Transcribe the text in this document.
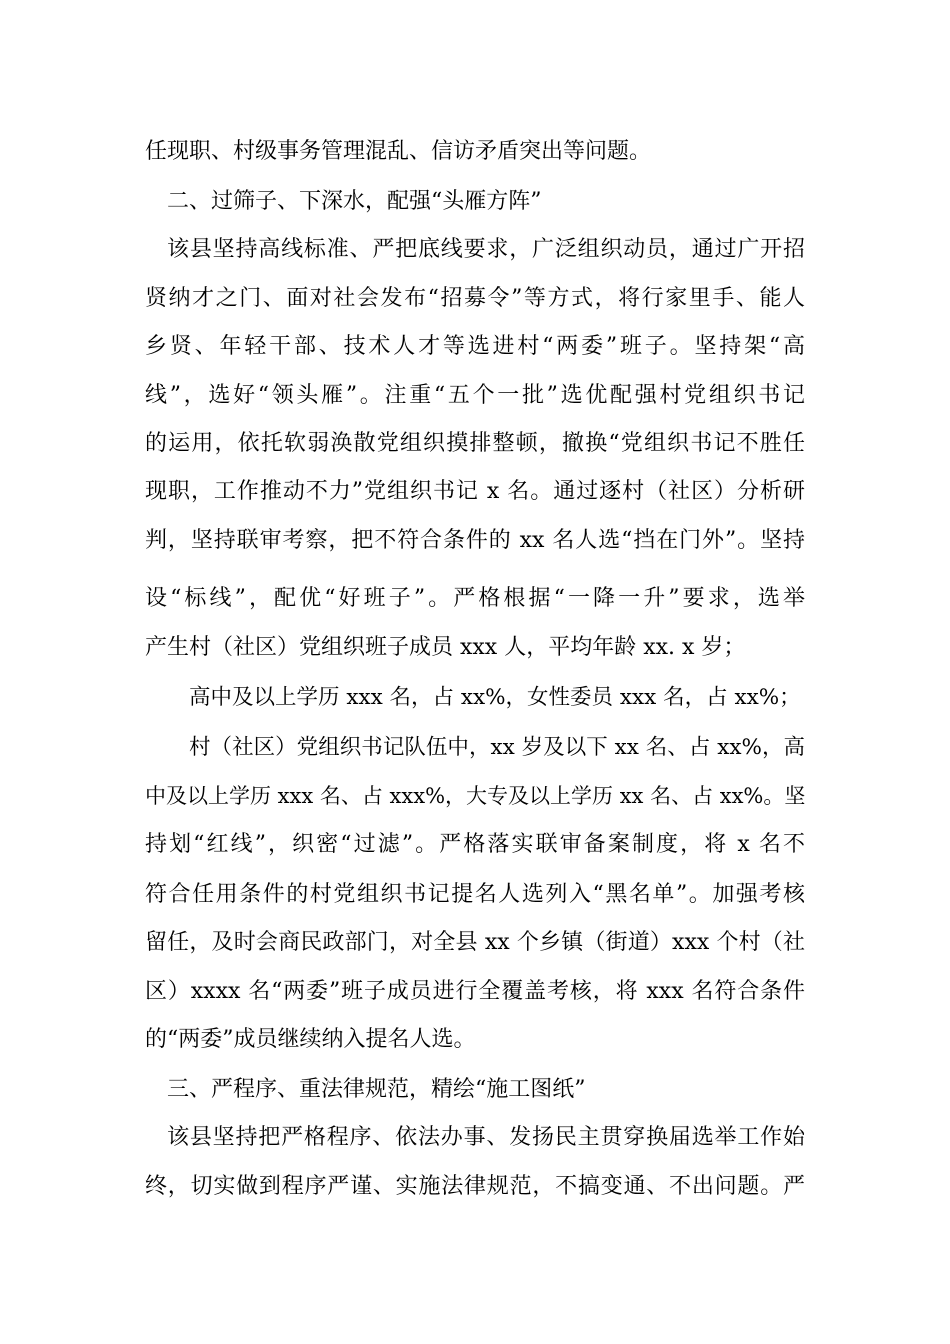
任现职、村级事务管理混乱、信访矛盾突出等问题。
二、过筛子、下深水，配强“头雁方阵”
该县坚持高线标准、严把底线要求，广泛组织动员，通过广开招
贤纳才之门、面对社会发布“招募令”等方式，将行家里手、能人
乡贤、年轻干部、技术人才等选进村“两委”班子。坚持架“高
线”，选好“领头雁”。注重“五个一批”选优配强村党组织书记
的运用，依托软弱涣散党组织摸排整顿，撤换“党组织书记不胜任
现职，工作推动不力”党组织书记 x 名。通过逐村（社区）分析研
判，坚持联审考察，把不符合条件的 xx 名人选“挡在门外”。坚持
设“标线”，配优“好班子”。严格根据“一降一升”要求，选举
产生村（社区）党组织班子成员 xxx 人，平均年龄 xx. x 岁；
高中及以上学历 xxx 名，占 xx%，女性委员 xxx 名，占 xx%；
村（社区）党组织书记队伍中，xx 岁及以下 xx 名、占 xx%，高
中及以上学历 xxx 名、占 xxx%，大专及以上学历 xx 名、占 xx%。坚
持划“红线”，织密“过滤”。严格落实联审备案制度，将 x 名不
符合任用条件的村党组织书记提名人选列入“黑名单”。加强考核
留任，及时会商民政部门，对全县 xx 个乡镇（街道）xxx 个村（社
区）xxxx 名“两委”班子成员进行全覆盖考核，将 xxx 名符合条件
的“两委”成员继续纳入提名人选。
三、严程序、重法律规范，精绘“施工图纸”
该县坚持把严格程序、依法办事、发扬民主贯穿换届选举工作始
终，切实做到程序严谨、实施法律规范，不搞变通、不出问题。严
